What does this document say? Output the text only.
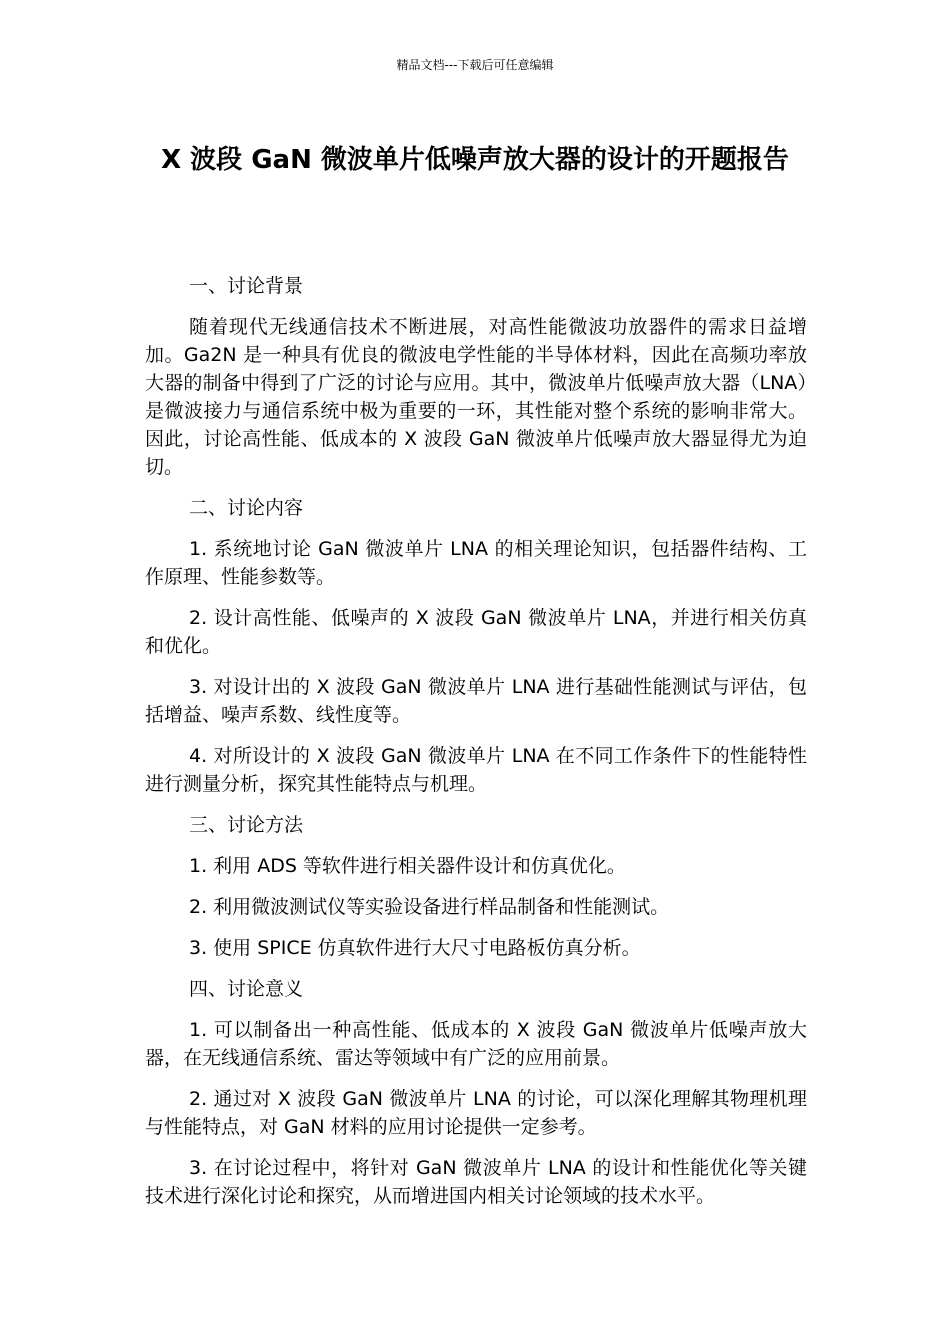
精品文档---下载后可任意编辑
X 波段 GaN 微波单片低噪声放大器的设计的开题报告

一、讨论背景

随着现代无线通信技术不断进展，对高性能微波功放器件的需求日益增加。Ga2N 是一种具有优良的微波电学性能的半导体材料，因此在高频功率放大器的制备中得到了广泛的讨论与应用。其中，微波单片低噪声放大器（LNA）是微波接力与通信系统中极为重要的一环，其性能对整个系统的影响非常大。因此，讨论高性能、低成本的 X 波段 GaN 微波单片低噪声放大器显得尤为迫切。

二、讨论内容

1. 系统地讨论 GaN 微波单片 LNA 的相关理论知识，包括器件结构、工作原理、性能参数等。

2. 设计高性能、低噪声的 X 波段 GaN 微波单片 LNA，并进行相关仿真和优化。

3. 对设计出的 X 波段 GaN 微波单片 LNA 进行基础性能测试与评估，包括增益、噪声系数、线性度等。

4. 对所设计的 X 波段 GaN 微波单片 LNA 在不同工作条件下的性能特性进行测量分析，探究其性能特点与机理。

三、讨论方法

1. 利用 ADS 等软件进行相关器件设计和仿真优化。

2. 利用微波测试仪等实验设备进行样品制备和性能测试。

3. 使用 SPICE 仿真软件进行大尺寸电路板仿真分析。

四、讨论意义

1. 可以制备出一种高性能、低成本的 X 波段 GaN 微波单片低噪声放大器，在无线通信系统、雷达等领域中有广泛的应用前景。

2. 通过对 X 波段 GaN 微波单片 LNA 的讨论，可以深化理解其物理机理与性能特点，对 GaN 材料的应用讨论提供一定参考。

3. 在讨论过程中，将针对 GaN 微波单片 LNA 的设计和性能优化等关键技术进行深化讨论和探究，从而增进国内相关讨论领域的技术水平。
